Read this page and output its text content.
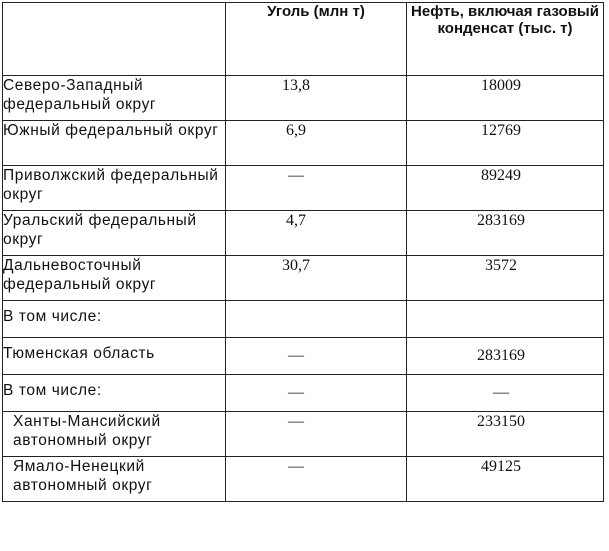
	Уголь (млн т)	Нефть, включая газовый конденсат (тыс. т)
Северо-Западный федеральный округ	13,8	18009
Южный федеральный округ	6,9	12769
Приволжский федеральный округ	—	89249
Уральский федеральный округ	4,7	283169
Дальневосточный федеральный округ	30,7	3572
В том числе:		
Тюменская область	—	283169
В том числе:	—	—
Ханты-Мансийский автономный округ	—	233150
Ямало-Ненецкий автономный округ	—	49125
